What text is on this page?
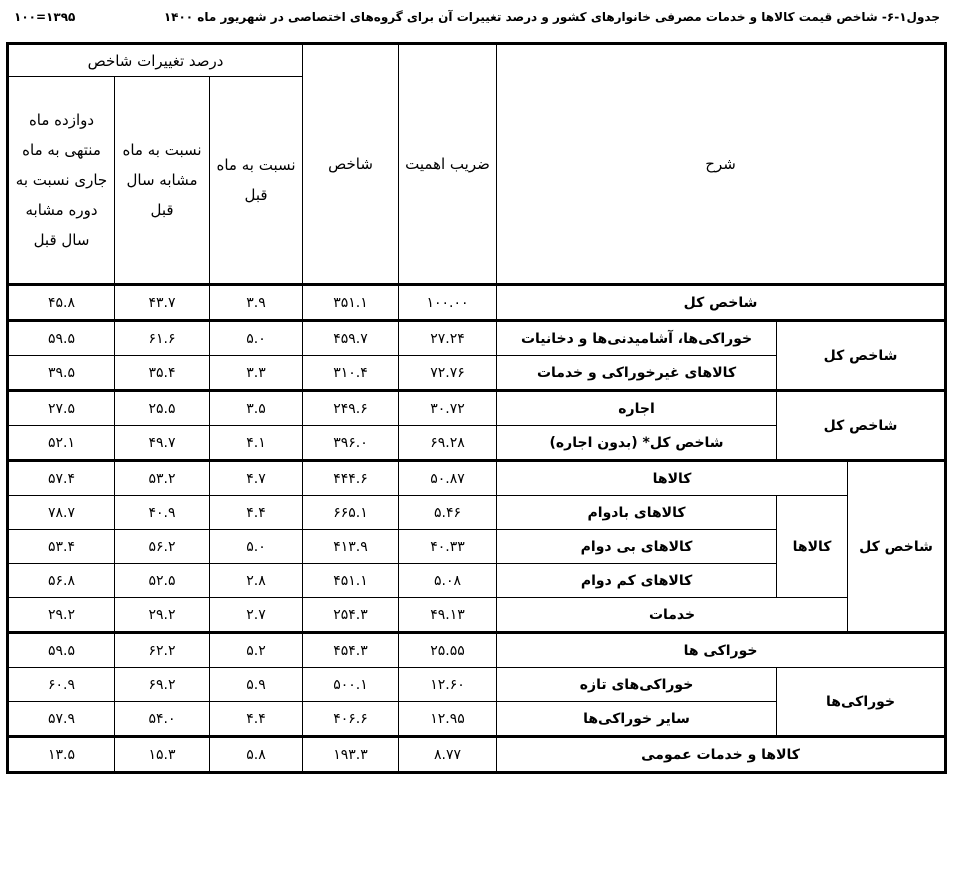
جدول۱-۶- شاخص قیمت کالاها و خدمات مصرفی خانوارهای کشور و درصد تغییرات آن برای گروه‌های اختصاصی در شهریور ماه ۱۴۰۰
۱۳۹۵=۱۰۰
شرح			ضریب اهمیت	شاخص	درصد تغییرات شاخص		
					نسبت به ماه قبل	نسبت به ماه مشابه سال قبل	دوازده ماه منتهی به ماه جاری نسبت به دوره مشابه سال قبل
شاخص کل			۱۰۰.۰۰	۳۵۱.۱	۳.۹	۴۳.۷	۴۵.۸
شاخص کل		خوراکی‌ها، آشامیدنی‌ها و دخانیات	۲۷.۲۴	۴۵۹.۷	۵.۰	۶۱.۶	۵۹.۵
		کالاهای غیرخوراکی و خدمات	۷۲.۷۶	۳۱۰.۴	۳.۳	۳۵.۴	۳۹.۵
شاخص کل		اجاره	۳۰.۷۲	۲۴۹.۶	۳.۵	۲۵.۵	۲۷.۵
		شاخص کل* (بدون اجاره)	۶۹.۲۸	۳۹۶.۰	۴.۱	۴۹.۷	۵۲.۱
شاخص کل	کالاها		۵۰.۸۷	۴۴۴.۶	۴.۷	۵۳.۲	۵۷.۴
	کالاها	کالاهای بادوام	۵.۴۶	۶۶۵.۱	۴.۴	۴۰.۹	۷۸.۷
		کالاهای بی دوام	۴۰.۳۳	۴۱۳.۹	۵.۰	۵۶.۲	۵۳.۴
		کالاهای کم دوام	۵.۰۸	۴۵۱.۱	۲.۸	۵۲.۵	۵۶.۸
	خدمات		۴۹.۱۳	۲۵۴.۳	۲.۷	۲۹.۲	۲۹.۲
خوراکی ها			۲۵.۵۵	۴۵۴.۳	۵.۲	۶۲.۲	۵۹.۵
خوراکی‌ها		خوراکی‌های تازه	۱۲.۶۰	۵۰۰.۱	۵.۹	۶۹.۲	۶۰.۹
		سایر خوراکی‌ها	۱۲.۹۵	۴۰۶.۶	۴.۴	۵۴.۰	۵۷.۹
کالاها و خدمات عمومی			۸.۷۷	۱۹۳.۳	۵.۸	۱۵.۳	۱۳.۵
